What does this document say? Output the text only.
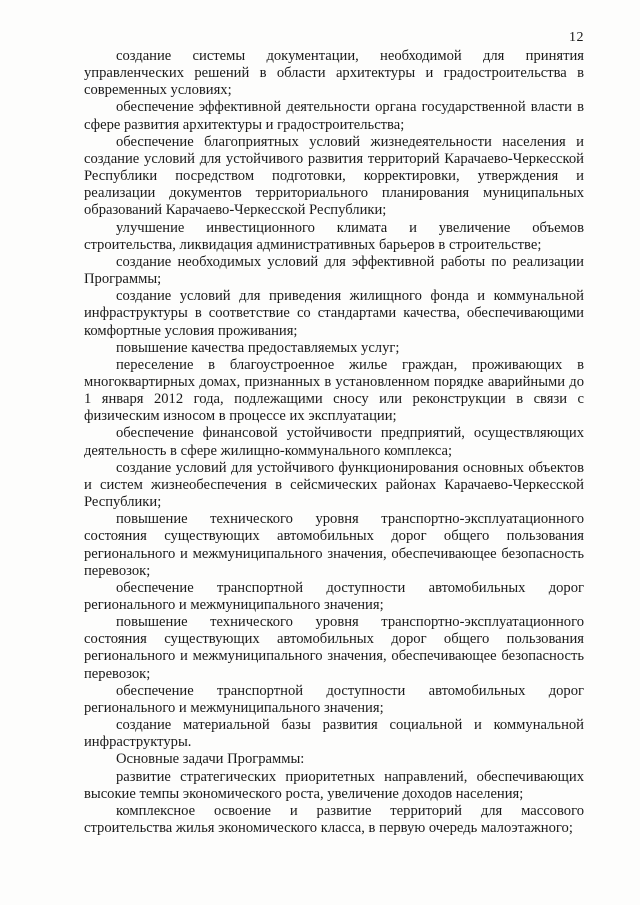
12

создание системы документации, необходимой для принятия управленческих решений в области архитектуры и градостроительства в современных условиях;

обеспечение эффективной деятельности органа государственной власти в сфере развития архитектуры и градостроительства;

обеспечение благоприятных условий жизнедеятельности населения и создание условий для устойчивого развития территорий Карачаево-Черкесской Республики посредством подготовки, корректировки, утверждения и реализации документов территориального планирования муниципальных образований Карачаево-Черкесской Республики;

улучшение инвестиционного климата и увеличение объемов строительства, ликвидация административных барьеров в строительстве;

создание необходимых условий для эффективной работы по реализации Программы;

создание условий для приведения жилищного фонда и коммунальной инфраструктуры в соответствие со стандартами качества, обеспечивающими комфортные условия проживания;

повышение качества предоставляемых услуг;

переселение в благоустроенное жилье граждан, проживающих в многоквартирных домах, признанных в установленном порядке аварийными до 1 января 2012 года, подлежащими сносу или реконструкции в связи с физическим износом в процессе их эксплуатации;

обеспечение финансовой устойчивости предприятий, осуществляющих деятельность в сфере жилищно-коммунального комплекса;

создание условий для устойчивого функционирования основных объектов и систем жизнеобеспечения в сейсмических районах Карачаево-Черкесской Республики;

повышение технического уровня транспортно-эксплуатационного состояния существующих автомобильных дорог общего пользования регионального и межмуниципального значения, обеспечивающее безопасность перевозок;

обеспечение транспортной доступности автомобильных дорог регионального и межмуниципального значения;

повышение технического уровня транспортно-эксплуатационного состояния существующих автомобильных дорог общего пользования регионального и межмуниципального значения, обеспечивающее безопасность перевозок;

обеспечение транспортной доступности автомобильных дорог регионального и межмуниципального значения;

создание материальной базы развития социальной и коммунальной инфраструктуры.

Основные задачи Программы:

развитие стратегических приоритетных направлений, обеспечивающих высокие темпы экономического роста, увеличение доходов населения;

комплексное освоение и развитие территорий для массового строительства жилья экономического класса, в первую очередь малоэтажного;
